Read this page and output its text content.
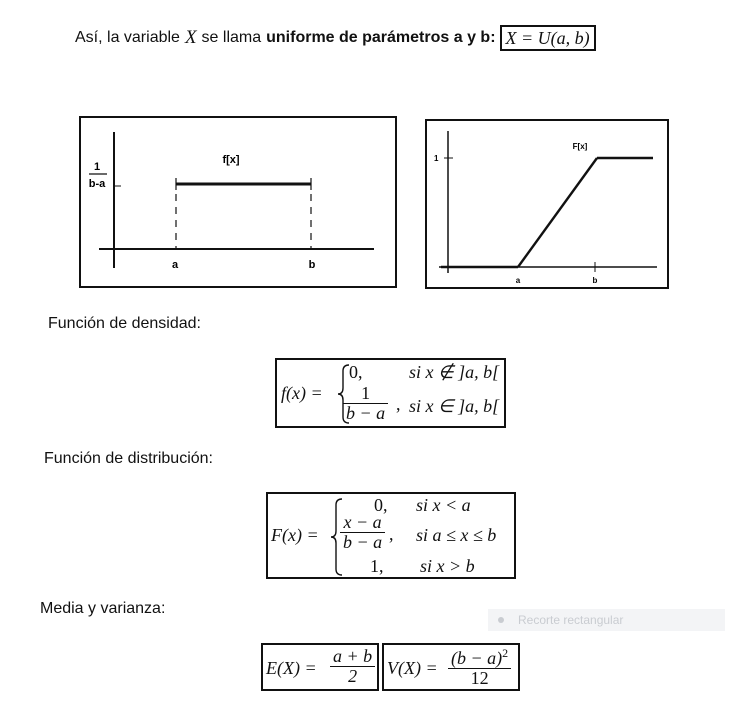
Así, la variable X se llama uniforme de parámetros a y b: X = U(a, b)
1
b-a
f[x]
a	b
1
F[x]
a	b
Función de densidad:
f(x) =
0,	si x ∉ ]a, b[
$\frac{1}{b - a}$ , si x ∈ ]a, b[
Función de distribución:
F(x) =
0, si x < a
$\frac{x - a}{b - a}$ , si a ≤ x ≤ b
1, si x > b
Media y varianza:
Recorte rectangular
$E(X) = \frac{a + b}{2} V(X) = \frac{(b - a)^2}{12}$
